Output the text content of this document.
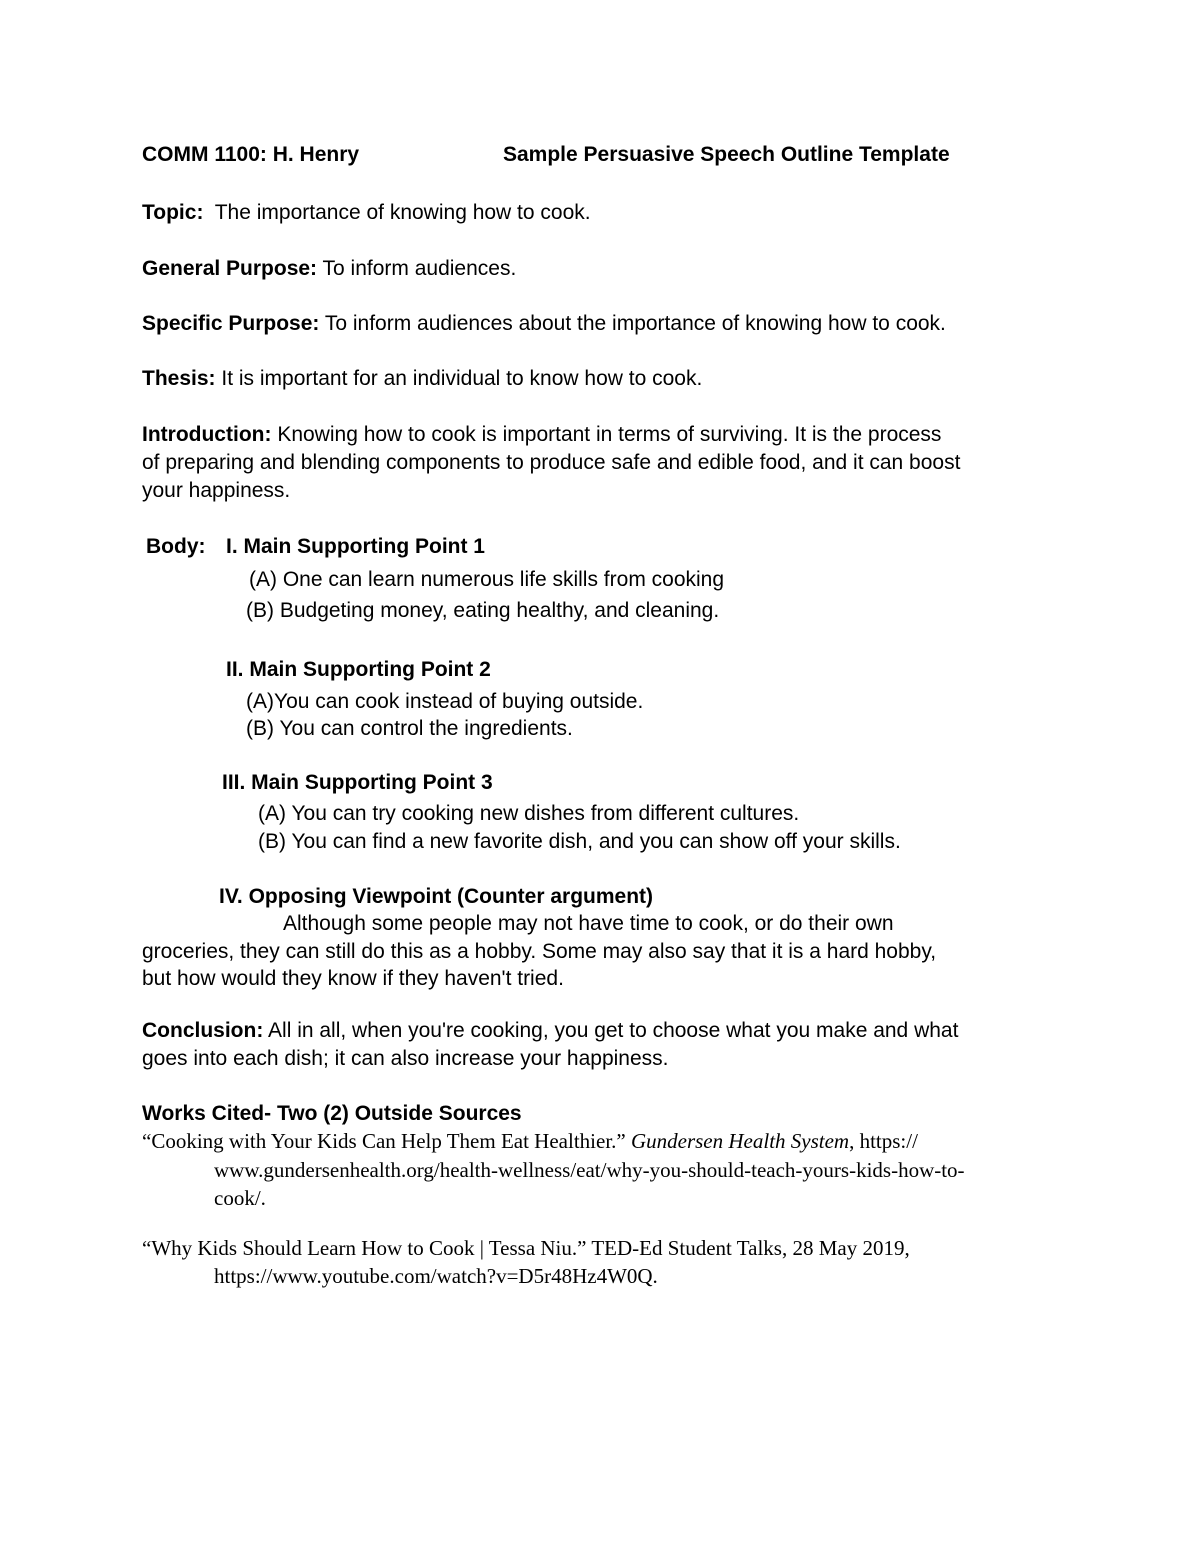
COMM 1100: H. Henry	Sample Persuasive Speech Outline Template
Topic: The importance of knowing how to cook.
General Purpose: To inform audiences.
Specific Purpose: To inform audiences about the importance of knowing how to cook.
Thesis: It is important for an individual to know how to cook.
Introduction: Knowing how to cook is important in terms of surviving. It is the process
of preparing and blending components to produce safe and edible food, and it can boost
your happiness.
Body: I. Main Supporting Point 1
(A) One can learn numerous life skills from cooking
(B) Budgeting money, eating healthy, and cleaning.
II. Main Supporting Point 2
(A)You can cook instead of buying outside.
(B) You can control the ingredients.
III. Main Supporting Point 3
(A) You can try cooking new dishes from different cultures.
(B) You can find a new favorite dish, and you can show off your skills.
IV. Opposing Viewpoint (Counter argument)
Although some people may not have time to cook, or do their own
groceries, they can still do this as a hobby. Some may also say that it is a hard hobby,
but how would they know if they haven't tried.
Conclusion: All in all, when you're cooking, you get to choose what you make and what
goes into each dish; it can also increase your happiness.
Works Cited- Two (2) Outside Sources
“Cooking with Your Kids Can Help Them Eat Healthier.” Gundersen Health System, https://
www.gundersenhealth.org/health-wellness/eat/why-you-should-teach-yours-kids-how-to-
cook/.
“Why Kids Should Learn How to Cook | Tessa Niu.” TED-Ed Student Talks, 28 May 2019,
https://www.youtube.com/watch?v=D5r48Hz4W0Q.
